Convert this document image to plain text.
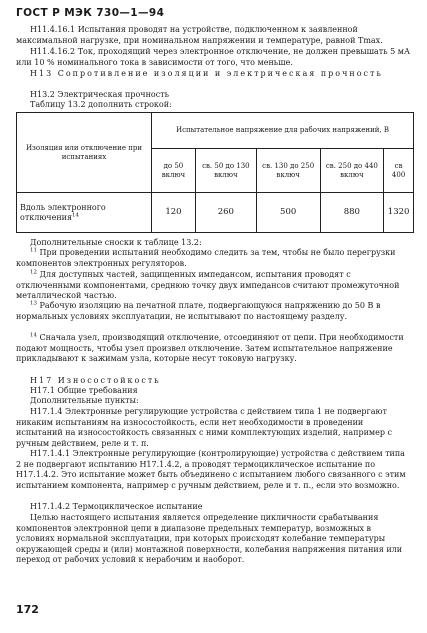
ГОСТ Р МЭК 730—1—94

Н11.4.16.1 Испытания проводят на устройстве, подключенном к заявленной максимальной нагрузке, при номинальном напряжении и температуре, равной Tmax.

Н11.4.16.2 Ток, проходящий через электронное отключение, не должен превышать 5 мА или 10 % номинального тока в зависимости от того, что меньше.

Н13 Сопротивление изоляции и электрическая прочность

Н13.2 Электрическая прочность

Таблицу 13.2 дополнить строкой:

Изоляция или отключение при испытаниях	Испытательное напряжение для рабочих напряжений, В				
	до 50 включ	св. 50 до 130 включ	св. 130 до 250 включ	св. 250 до 440 включ	св 400
Вдоль электронного отключения$^{14}$	120	260	500	880	1320

Дополнительные сноски к таблице 13.2:

$^{11}$ При проведении испытаний необходимо следить за тем, чтобы не было перегрузки компонентов электронных регуляторов.

$^{12}$ Для доступных частей, защищенных импедансом, испытания проводят с отключенными компонентами, среднюю точку двух импедансов считают промежуточной металлической частью.

$^{13}$ Рабочую изоляцию на печатной плате, подвергающуюся напряжению до 50 В в нормальных условиях эксплуатации, не испытывают по настоящему разделу.

$^{14}$ Сначала узел, производящий отключение, отсоединяют от цепи. При необходимости подают мощность, чтобы узел произвел отключение. Затем испытательное напряжение прикладывают к зажимам узла, которые несут токовую нагрузку.

Н17 Износостойкость

Н17.1 Общие требования

Дополнительные пункты:

Н17.1.4 Электронные регулирующие устройства с действием типа 1 не подвергают никаким испытаниям на износостойкость, если нет необходимости в проведении испытаний на износостойкость связанных с ними комплектующих изделий, например с ручным действием, реле и т. п.

Н17.1.4.1 Электронные регулирующие (контролирующие) устройства с действием типа 2 не подвергают испытанию Н17.1.4.2, а проводят термоциклическое испытание по Н17.1.4.2. Это испытание может быть объединено с испытанием любого связанного с этим испытанием компонента, например с ручным действием, реле и т. п., если это возможно.

Н17.1.4.2 Термоциклическое испытание

Целью настоящего испытания является определение цикличности срабатывания компонентов электронной цепи в диапазоне предельных температур, возможных в условиях нормальной эксплуатации, при которых происходят колебание температуры окружающей среды и (или) монтажной поверхности, колебания напряжения питания или переход от рабочих условий к нерабочим и наоборот.

172
